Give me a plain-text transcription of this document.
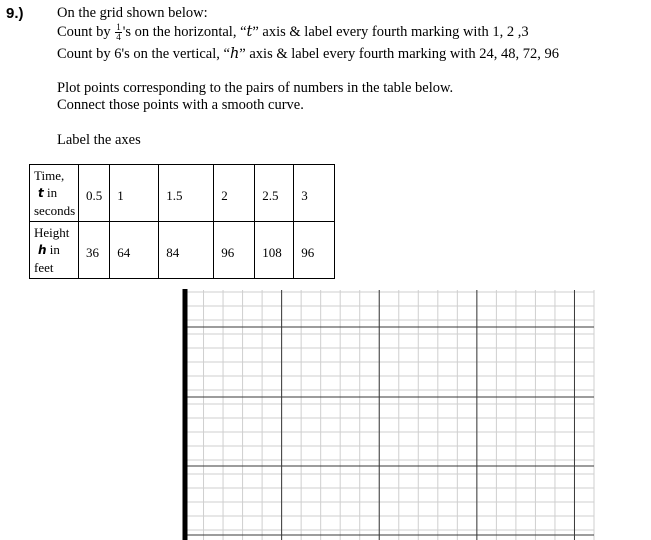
9.) On the grid shown below:
Count by $\frac{1}{4}$ 's on the horizontal, “t” axis & label every fourth marking with 1, 2 ,3
Count by 6's on the vertical, “h” axis & label every fourth marking with 24, 48, 72, 96
Plot points corresponding to the pairs of numbers in the table below.
Connect those points with a smooth curve.
Label the axes
Time,
t in
seconds	0.5	1	1.5	2	2.5	3
Height
h in
feet	36	64	84	96	108	96
